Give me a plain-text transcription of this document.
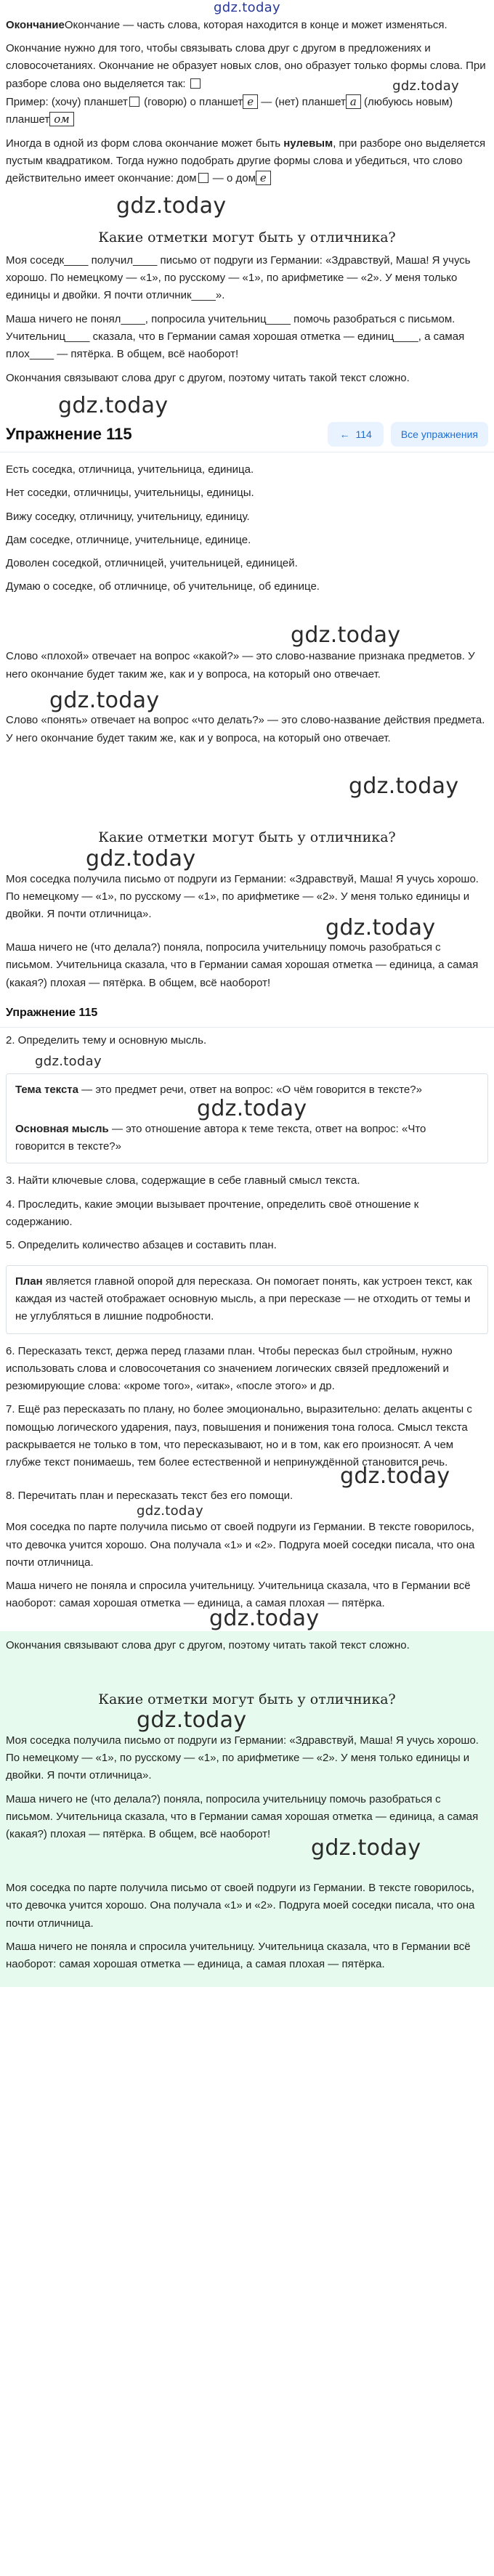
gdz.today

ОкончаниеОкончание — часть слова, которая находится в конце и может изменяться.

Окончание нужно для того, чтобы связывать слова друг с другом в предложениях и словосочетаниях. Окончание не образует новых слов, оно образует только формы слова. При разборе слова оно выделяется так:	gdz.today

Пример: (хочу) планшет (говорю) о планшет е — (нет) планшет а (любуюсь новым) планшет ом

Иногда в одной из форм слова окончание может быть нулевым, при разборе оно выделяется пустым квадратиком. Тогда нужно подобрать другие формы слова и убедиться, что слово действительно имеет окончание: дом — о дом е

gdz.today
Какие отметки могут быть у отличника?

Моя соседк____ получил____ письмо от подруги из Германии: «Здравствуй, Маша! Я учусь хорошо. По немецкому — «1», по русскому — «1», по арифметике — «2». У меня только единицы и двойки. Я почти отличник____».

Маша ничего не понял____, попросила учительниц____ помочь разобраться с письмом. Учительниц____ сказала, что в Германии самая хорошая отметка — единиц____, а самая плох____ — пятёрка. В общем, всё наоборот!

Окончания связывают слова друг с другом, поэтому читать такой текст сложно.

gdz.today
Упражнение 115	← 114	Все упражнения

Есть соседка, отличница, учительница, единица.

Нет соседки, отличницы, учительницы, единицы.

Вижу соседку, отличницу, учительницу, единицу.

Дам соседке, отличнице, учительнице, единице.

Доволен соседкой, отличницей, учительницей, единицей.

Думаю о соседке, об отличнице, об учительнице, об единице.

gdz.today

Слово «плохой» отвечает на вопрос «какой?» — это слово-название признака предметов. У него окончание будет таким же, как и у вопроса, на который оно отвечает.

gdz.today

Слово «понять» отвечает на вопрос «что делать?» — это слово-название действия предмета. У него окончание будет таким же, как и у вопроса, на который оно отвечает.

gdz.today
Какие отметки могут быть у отличника?
gdz.today

Моя соседка получила письмо от подруги из Германии: «Здравствуй, Маша! Я учусь хорошо. По немецкому — «1», по русскому — «1», по арифметике — «2». У меня только единицы и двойки. Я почти отличница».

gdz.today

Маша ничего не (что делала?) поняла, попросила учительницу помочь разобраться с письмом. Учительница сказала, что в Германии самая хорошая отметка — единица, а самая (какая?) плохая — пятёрка. В общем, всё наоборот!

Упражнение 115

2. Определить тему и основную мысль.

gdz.today

Тема текста — это предмет речи, ответ на вопрос: «О чём говорится в тексте?»

gdz.today

Основная мысль — это отношение автора к теме текста, ответ на вопрос: «Что говорится в тексте?»

3. Найти ключевые слова, содержащие в себе главный смысл текста.

4. Проследить, какие эмоции вызывает прочтение, определить своё отношение к содержанию.

5. Определить количество абзацев и составить план.

План является главной опорой для пересказа. Он помогает понять, как устроен текст, как каждая из частей отображает основную мысль, а при пересказе — не отходить от темы и не углубляться в лишние подробности.

6. Пересказать текст, держа перед глазами план. Чтобы пересказ был стройным, нужно использовать слова и словосочетания со значением логических связей предложений и резюмирующие слова: «кроме того», «итак», «после этого» и др.

7. Ещё раз пересказать по плану, но более эмоционально, выразительно: делать акценты с помощью логического ударения, пауз, повышения и понижения тона голоса. Смысл текста раскрывается не только в том, что пересказывают, но и в том, как его произносят. А чем глубже текст понимаешь, тем более естественной и непринуждённой становится речь.

gdz.today

8. Перечитать план и пересказать текст без его помощи.

gdz.today

Моя соседка по парте получила письмо от своей подруги из Германии. В тексте говорилось, что девочка учится хорошо. Она получала «1» и «2». Подруга моей соседки писала, что она почти отличница.

Маша ничего не поняла и спросила учительницу. Учительница сказала, что в Германии всё наоборот: самая хорошая отметка — единица, а самая плохая — пятёрка.

gdz.today

Окончания связывают слова друг с другом, поэтому читать такой текст сложно.

Какие отметки могут быть у отличника?
gdz.today

Моя соседка получила письмо от подруги из Германии: «Здравствуй, Маша! Я учусь хорошо. По немецкому — «1», по русскому — «1», по арифметике — «2». У меня только единицы и двойки. Я почти отличница».

Маша ничего не (что делала?) поняла, попросила учительницу помочь разобраться с письмом. Учительница сказала, что в Германии самая хорошая отметка — единица, а самая (какая?) плохая — пятёрка. В общем, всё наоборот!

gdz.today

Моя соседка по парте получила письмо от своей подруги из Германии. В тексте говорилось, что девочка учится хорошо. Она получала «1» и «2». Подруга моей соседки писала, что она почти отличница.

Маша ничего не поняла и спросила учительницу. Учительница сказала, что в Германии всё наоборот: самая хорошая отметка — единица, а самая плохая — пятёрка.
